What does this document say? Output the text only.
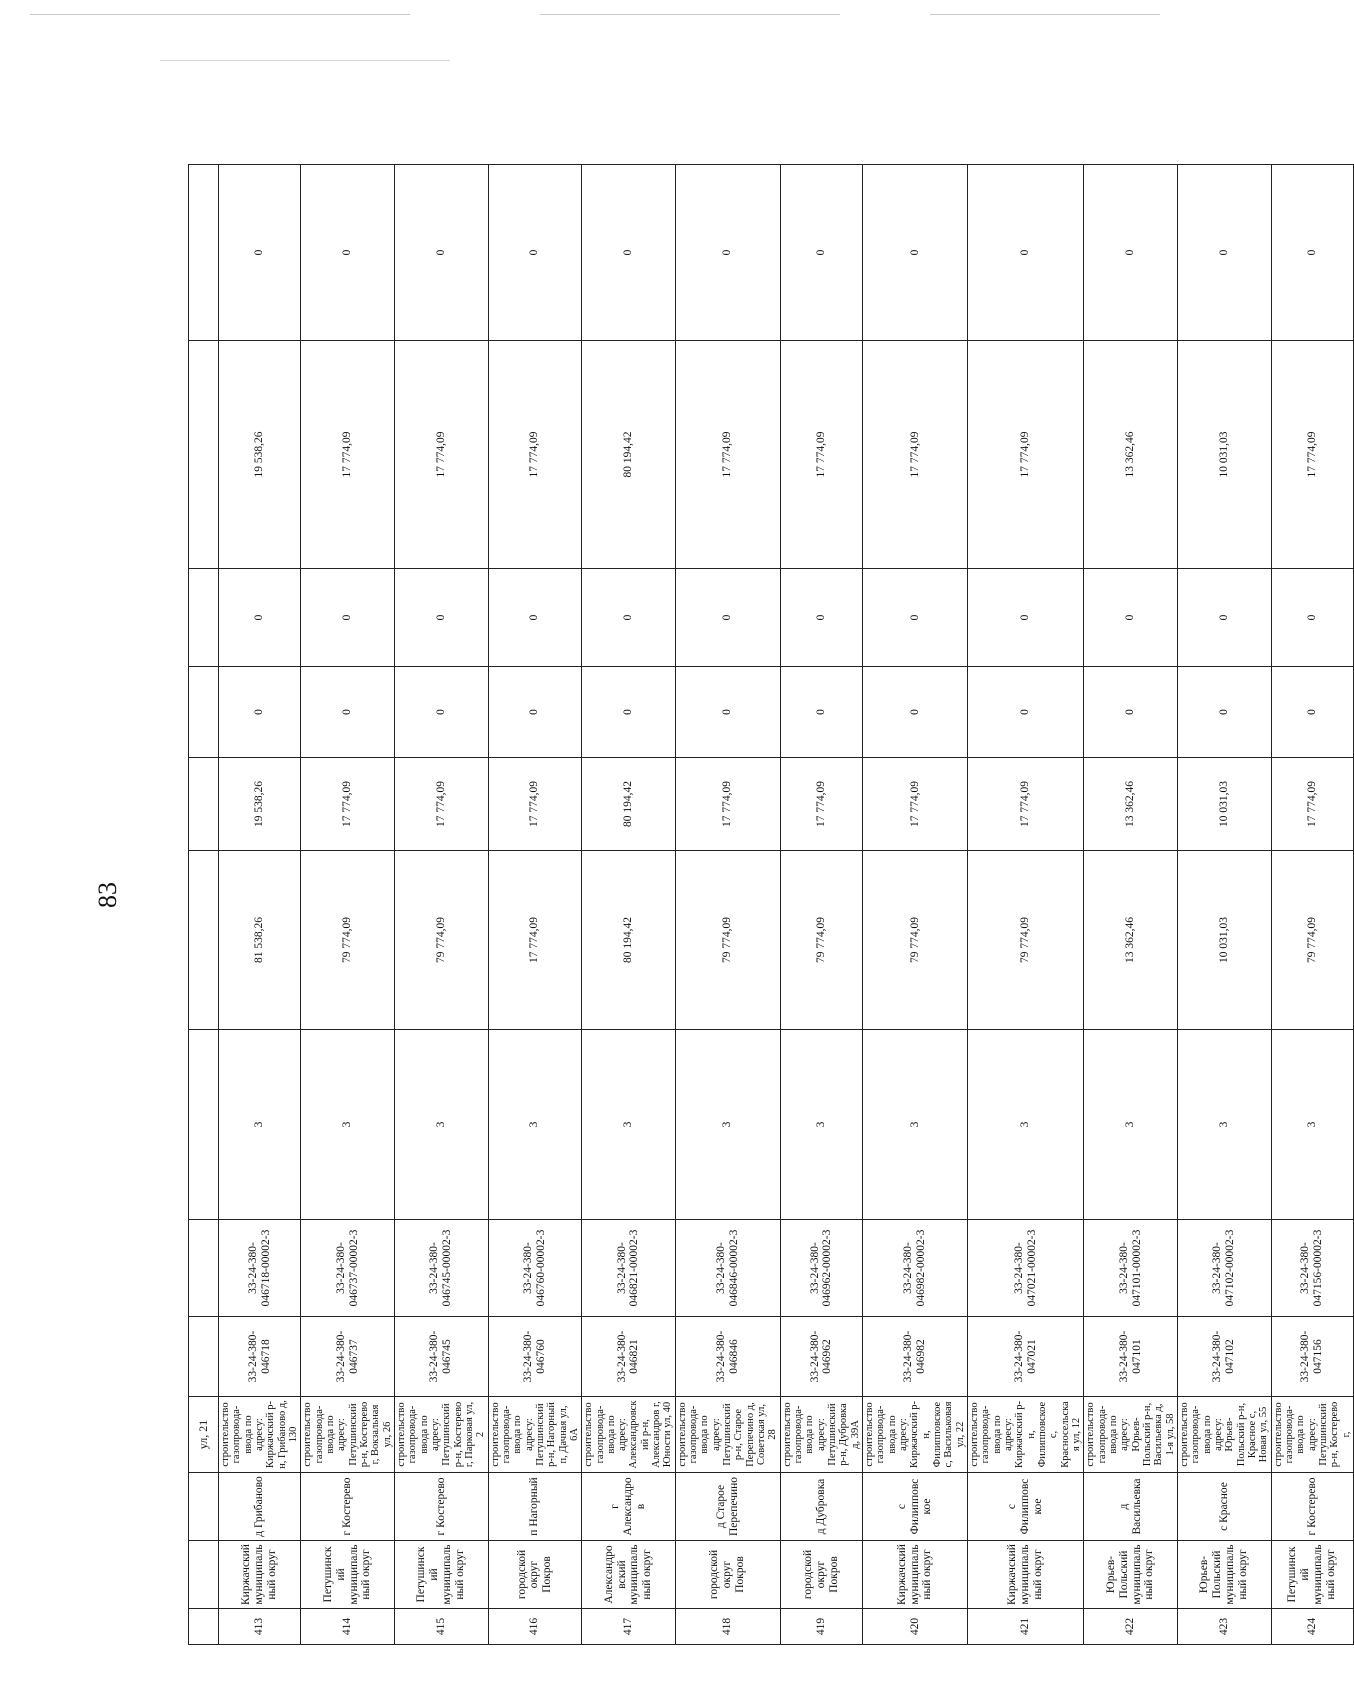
83
			ул, 21									
413	Киржачский муниципальный округ	д Грибаново	строительство газопровода-ввода по адресу: Киржачский р-н, Грибаново д, 130	33-24-380-046718	33-24-380-046718-00002-3	3	81 538,26	19 538,26	0	0	19 538,26	0
414	Петушинский муниципальный округ	г Костерево	строительство газопровода-ввода по адресу: Петушинский р-н, Костерево г, Вокзальная ул, 26	33-24-380-046737	33-24-380-046737-00002-3	3	79 774,09	17 774,09	0	0	17 774,09	0
415	Петушинский муниципальный округ	г Костерево	строительство газопровода-ввода по адресу: Петушинский р-н, Костерево г, Парковая ул, 2	33-24-380-046745	33-24-380-046745-00002-3	3	79 774,09	17 774,09	0	0	17 774,09	0
416	городской округ Покров	п Нагорный	строительство газопровода-ввода по адресу: Петушинский р-н, Нагорный п, Дачная ул, 6А	33-24-380-046760	33-24-380-046760-00002-3	3	17 774,09	17 774,09	0	0	17 774,09	0
417	Александровский муниципальный округ	г Александров	строительство газопровода-ввода по адресу: Александровский р-н, Александров г, Юности ул, 40	33-24-380-046821	33-24-380-046821-00002-3	3	80 194,42	80 194,42	0	0	80 194,42	0
418	городской округ Покров	д Старое Перепечино	строительство газопровода-ввода по адресу: Петушинский р-н, Старое Перепечино д, Советская ул, 28	33-24-380-046846	33-24-380-046846-00002-3	3	79 774,09	17 774,09	0	0	17 774,09	0
419	городской округ Покров	д Дубровка	строительство газопровода-ввода по адресу: Петушинский р-н, Дубровка д, 39А	33-24-380-046962	33-24-380-046962-00002-3	3	79 774,09	17 774,09	0	0	17 774,09	0
420	Киржачский муниципальный округ	с Филипповское	строительство газопровода-ввода по адресу: Киржачский р-н, Филипповское с, Васильковая ул, 22	33-24-380-046982	33-24-380-046982-00002-3	3	79 774,09	17 774,09	0	0	17 774,09	0
421	Киржачский муниципальный округ	с Филипповское	строительство газопровода-ввода по адресу: Киржачский р-н, Филипповское с, Красносельская ул, 12	33-24-380-047021	33-24-380-047021-00002-3	3	79 774,09	17 774,09	0	0	17 774,09	0
422	Юрьев-Польский муниципальный округ	д Васильевка	строительство газопровода-ввода по адресу: Юрьев-Польский р-н, Васильевка д, 1-я ул, 58	33-24-380-047101	33-24-380-047101-00002-3	3	13 362,46	13 362,46	0	0	13 362,46	0
423	Юрьев-Польский муниципальный округ	с Красное	строительство газопровода-ввода по адресу: Юрьев-Польский р-н, Красное с, Новая ул, 55	33-24-380-047102	33-24-380-047102-00002-3	3	10 031,03	10 031,03	0	0	10 031,03	0
424	Петушинский муниципальный округ	г Костерево	строительство газопровода-ввода по адресу: Петушинский р-н, Костерево г,	33-24-380-047156	33-24-380-047156-00002-3	3	79 774,09	17 774,09	0	0	17 774,09	0
